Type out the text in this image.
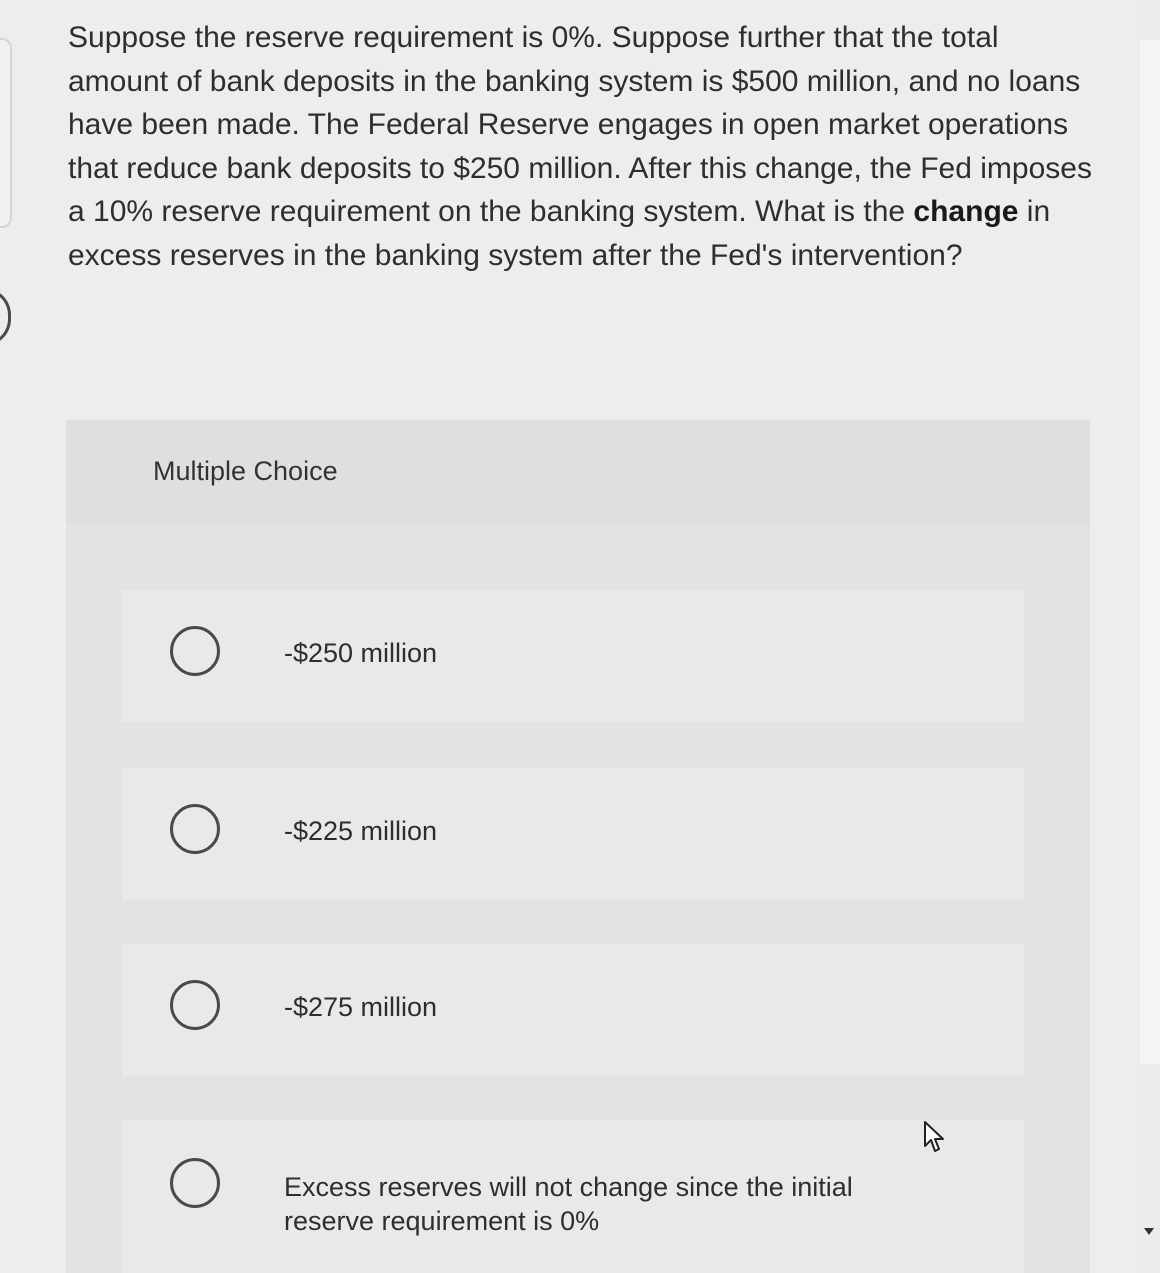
Suppose the reserve requirement is 0%. Suppose further that the total amount of bank deposits in the banking system is $500 million, and no loans have been made. The Federal Reserve engages in open market operations that reduce bank deposits to $250 million. After this change, the Fed imposes a 10% reserve requirement on the banking system. What is the change in excess reserves in the banking system after the Fed's intervention?

Multiple Choice
-$250 million
-$225 million
-$275 million
Excess reserves will not change since the initial reserve requirement is 0%
